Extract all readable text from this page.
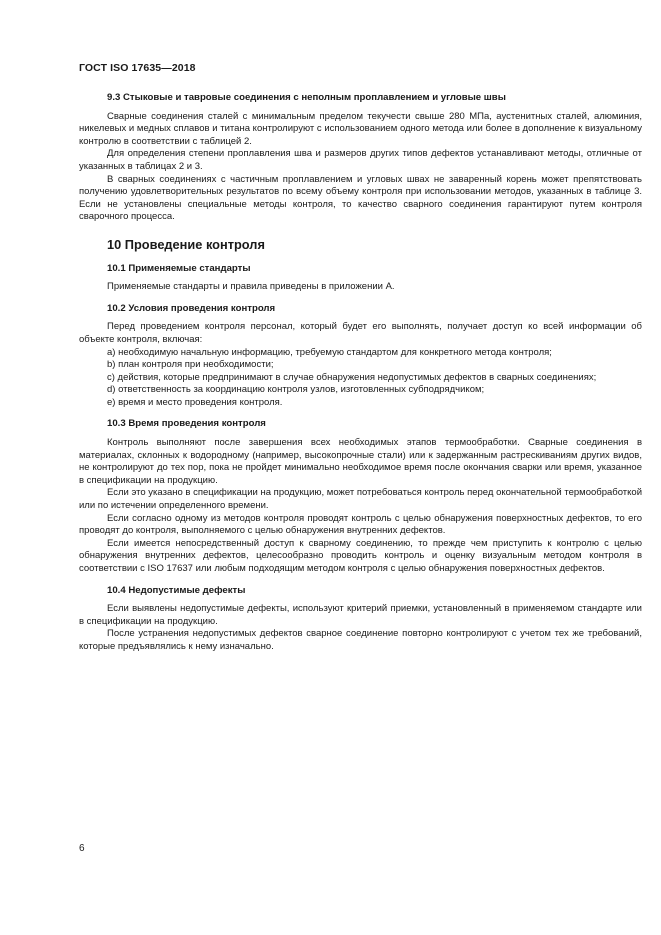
ГОСТ ISO 17635—2018
9.3 Стыковые и тавровые соединения с неполным проплавлением и угловые швы

Сварные соединения сталей с минимальным пределом текучести свыше 280 МПа, аустенитных сталей, алюминия, никелевых и медных сплавов и титана контролируют с использованием одного метода или более в дополнение к визуальному контролю в соответствии с таблицей 2.

Для определения степени проплавления шва и размеров других типов дефектов устанавливают методы, отличные от указанных в таблицах 2 и 3.

В сварных соединениях с частичным проплавлением и угловых швах не заваренный корень может препятствовать получению удовлетворительных результатов по всему объему контроля при использовании методов, указанных в таблице 3. Если не установлены специальные методы контроля, то качество сварного соединения гарантируют путем контроля сварочного процесса.

10 Проведение контроля
10.1 Применяемые стандарты

Применяемые стандарты и правила приведены в приложении А.

10.2 Условия проведения контроля

Перед проведением контроля персонал, который будет его выполнять, получает доступ ко всей информации об объекте контроля, включая:

a) необходимую начальную информацию, требуемую стандартом для конкретного метода контроля;

b) план контроля при необходимости;

c) действия, которые предпринимают в случае обнаружения недопустимых дефектов в сварных соединениях;

d) ответственность за координацию контроля узлов, изготовленных субподрядчиком;

e) время и место проведения контроля.

10.3 Время проведения контроля

Контроль выполняют после завершения всех необходимых этапов термообработки. Сварные соединения в материалах, склонных к водородному (например, высокопрочные стали) или к задержанным растрескиваниям других видов, не контролируют до тех пор, пока не пройдет минимально необходимое время после окончания сварки или время, указанное в спецификации на продукцию.

Если это указано в спецификации на продукцию, может потребоваться контроль перед окончательной термообработкой или по истечении определенного времени.

Если согласно одному из методов контроля проводят контроль с целью обнаружения поверхностных дефектов, то его проводят до контроля, выполняемого с целью обнаружения внутренних дефектов.

Если имеется непосредственный доступ к сварному соединению, то прежде чем приступить к контролю с целью обнаружения внутренних дефектов, целесообразно проводить контроль и оценку визуальным методом контроля в соответствии с ISO 17637 или любым подходящим методом контроля с целью обнаружения поверхностных дефектов.

10.4 Недопустимые дефекты

Если выявлены недопустимые дефекты, используют критерий приемки, установленный в применяемом стандарте или в спецификации на продукцию.

После устранения недопустимых дефектов сварное соединение повторно контролируют с учетом тех же требований, которые предъявлялись к нему изначально.

6
